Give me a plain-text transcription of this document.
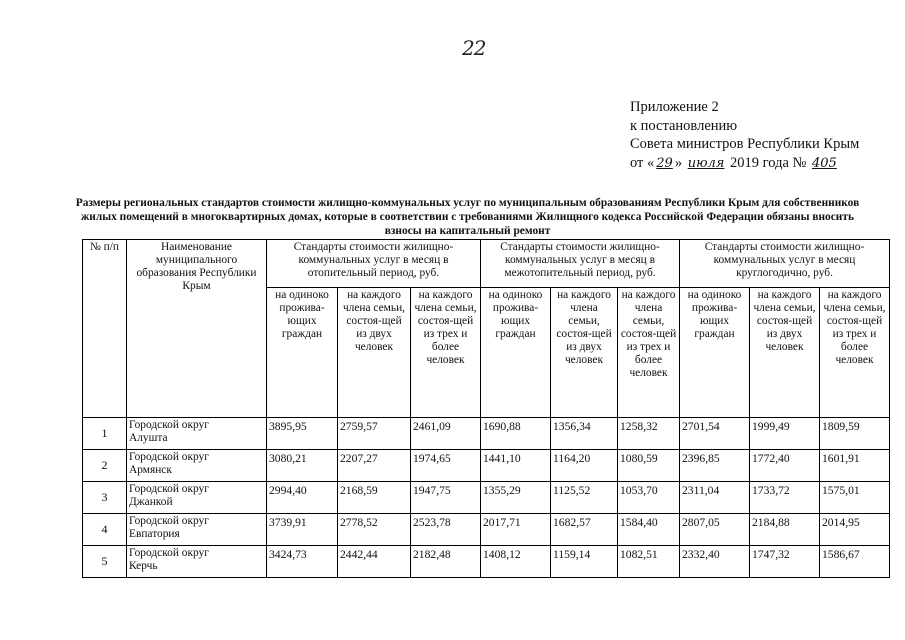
22
Приложение 2
к постановлению
Совета министров Республики Крым
от « 29 » июля 2019 года № 405
Размеры региональных стандартов стоимости жилищно-коммунальных услуг по муниципальным образованиям Республики Крым для собственников жилых помещений в многоквартирных домах, которые в соответствии с требованиями Жилищного кодекса Российской Федерации обязаны вносить взносы на капитальный ремонт
№ п/п	Наименование муниципального образования Республики Крым	Стандарты стоимости жилищно-коммунальных услуг в месяц в отопительный период, руб.			Стандарты стоимости жилищно-коммунальных услуг в месяц в межотопительный период, руб.			Стандарты стоимости жилищно-коммунальных услуг в месяц круглогодично, руб.		
		на одиноко прожива-ющих граждан	на каждого члена семьи, состоя-щей из двух человек	на каждого члена семьи, состоя-щей из трех и более человек	на одиноко прожива-ющих граждан	на каждого члена семьи, состоя-щей из двух человек	на каждого члена семьи, состоя-щей из трех и более человек	на одиноко прожива-ющих граждан	на каждого члена семьи, состоя-щей из двух человек	на каждого члена семьи, состоя-щей из трех и более человек
1	Городской округ
Алушта	3895,95	2759,57	2461,09	1690,88	1356,34	1258,32	2701,54	1999,49	1809,59
2	Городской округ
Армянск	3080,21	2207,27	1974,65	1441,10	1164,20	1080,59	2396,85	1772,40	1601,91
3	Городской округ
Джанкой	2994,40	2168,59	1947,75	1355,29	1125,52	1053,70	2311,04	1733,72	1575,01
4	Городской округ
Евпатория	3739,91	2778,52	2523,78	2017,71	1682,57	1584,40	2807,05	2184,88	2014,95
5	Городской округ
Керчь	3424,73	2442,44	2182,48	1408,12	1159,14	1082,51	2332,40	1747,32	1586,67
